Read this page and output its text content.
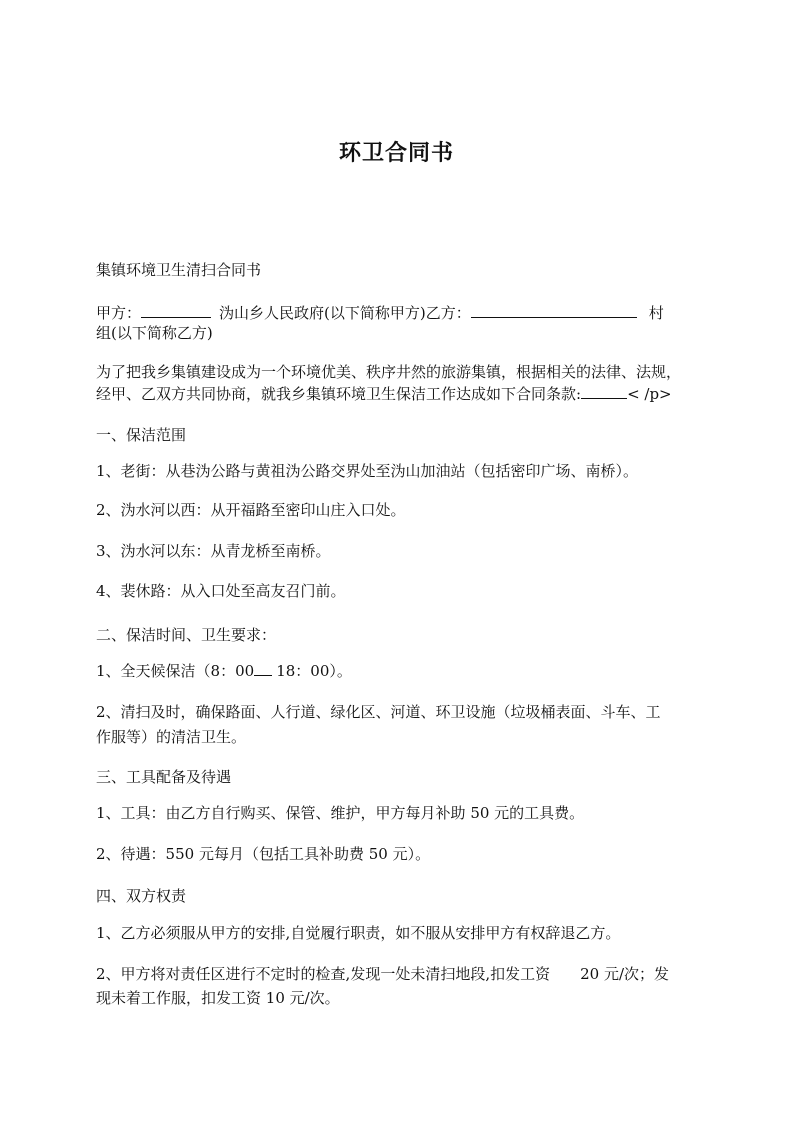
环卫合同书

集镇环境卫生清扫合同书

甲方：	沩山乡人民政府(以下简称甲方)乙方：	村

组(以下简称乙方)

为了把我乡集镇建设成为一个环境优美、秩序井然的旅游集镇，根据相关的法律、法规，

经甲、乙双方共同协商，就我乡集镇环境卫生保洁工作达成如下合同条款:	< /p>

一、保洁范围

1、老街：从巷沩公路与黄祖沩公路交界处至沩山加油站（包括密印广场、南桥）。

2、沩水河以西：从开福路至密印山庄入口处。

3、沩水河以东：从青龙桥至南桥。

4、裴休路：从入口处至高友召门前。

二、保洁时间、卫生要求：

1、全天候保洁（8：00 18：00）。

2、清扫及时，确保路面、人行道、绿化区、河道、环卫设施（垃圾桶表面、斗车、工

作服等）的清洁卫生。

三、工具配备及待遇

1、工具：由乙方自行购买、保管、维护，甲方每月补助 50 元的工具费。

2、待遇：550 元每月（包括工具补助费 50 元）。

四、双方权责

1、乙方必须服从甲方的安排,自觉履行职责，如不服从安排甲方有权辞退乙方。

2、甲方将对责任区进行不定时的检查,发现一处未清扫地段,扣发工资 20 元/次；发

现未着工作服，扣发工资 10 元/次。
